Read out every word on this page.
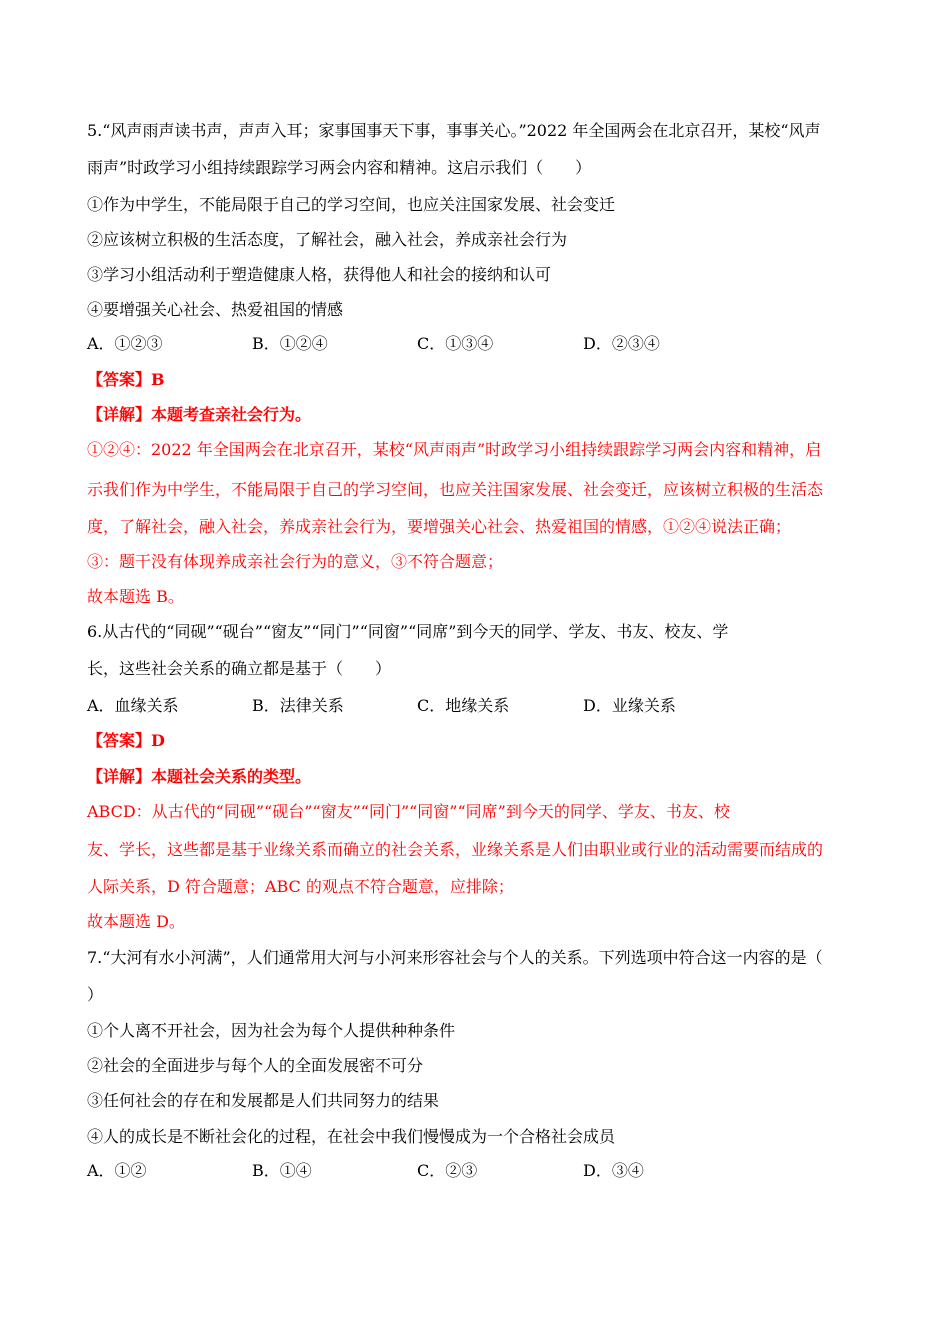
5.“风声雨声读书声，声声入耳；家事国事天下事，事事关心。”2022 年全国两会在北京召开，某校“风声
雨声”时政学习小组持续跟踪学习两会内容和精神。这启示我们（　　）
①作为中学生，不能局限于自己的学习空间，也应关注国家发展、社会变迁
②应该树立积极的生活态度，了解社会，融入社会，养成亲社会行为
③学习小组活动利于塑造健康人格，获得他人和社会的接纳和认可
④要增强关心社会、热爱祖国的情感
A．①②③	B．①②④	C．①③④	D．②③④
【答案】B
【详解】本题考查亲社会行为。
①②④：2022 年全国两会在北京召开，某校“风声雨声”时政学习小组持续跟踪学习两会内容和精神，启
示我们作为中学生，不能局限于自己的学习空间，也应关注国家发展、社会变迁，应该树立积极的生活态
度，了解社会，融入社会，养成亲社会行为，要增强关心社会、热爱祖国的情感，①②④说法正确；
③：题干没有体现养成亲社会行为的意义，③不符合题意；
故本题选 B。
6.从古代的“同砚”“砚台”“窗友”“同门”“同窗”“同席”到今天的同学、学友、书友、校友、学
长，这些社会关系的确立都是基于（　　）
A．血缘关系	B．法律关系	C．地缘关系	D．业缘关系
【答案】D
【详解】本题社会关系的类型。
ABCD：从古代的“同砚”“砚台”“窗友”“同门”“同窗”“同席”到今天的同学、学友、书友、校
友、学长，这些都是基于业缘关系而确立的社会关系，业缘关系是人们由职业或行业的活动需要而结成的
人际关系，D 符合题意；ABC 的观点不符合题意，应排除；
故本题选 D。
7.“大河有水小河满”，人们通常用大河与小河来形容社会与个人的关系。下列选项中符合这一内容的是（
）
①个人离不开社会，因为社会为每个人提供种种条件
②社会的全面进步与每个人的全面发展密不可分
③任何社会的存在和发展都是人们共同努力的结果
④人的成长是不断社会化的过程，在社会中我们慢慢成为一个合格社会成员
A．①②	B．①④	C．②③	D．③④
